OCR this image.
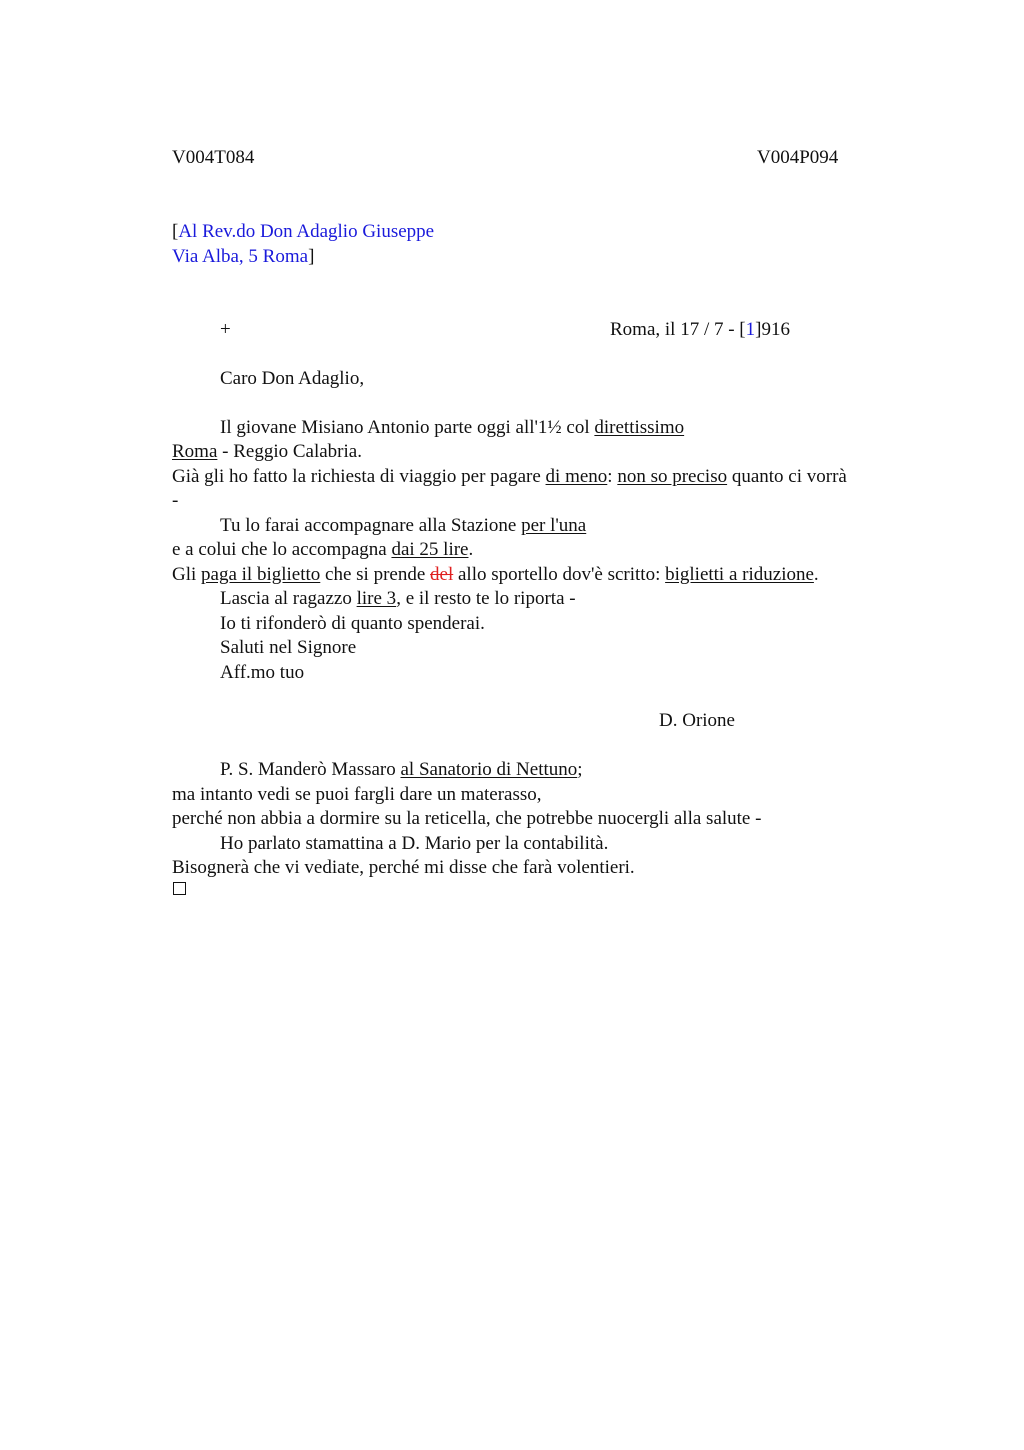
V004T084	V004P094
[Al Rev.do Don Adaglio Giuseppe
Via Alba, 5 Roma]
+	Roma, il 17 / 7 - [1]916
Caro Don Adaglio,
Il giovane Misiano Antonio parte oggi all'1½ col direttissimo
Roma - Reggio Calabria.
Già gli ho fatto la richiesta di viaggio per pagare di meno: non so preciso quanto ci vorrà
-
Tu lo farai accompagnare alla Stazione per l'una
e a colui che lo accompagna dai 25 lire.
Gli paga il biglietto che si prende del allo sportello dov'è scritto: biglietti a riduzione.
Lascia al ragazzo lire 3, e il resto te lo riporta -
Io ti rifonderò di quanto spenderai.
Saluti nel Signore
Aff.mo tuo
D. Orione
P. S. Manderò Massaro al Sanatorio di Nettuno;
ma intanto vedi se puoi fargli dare un materasso,
perché non abbia a dormire su la reticella, che potrebbe nuocergli alla salute -
Ho parlato stamattina a D. Mario per la contabilità.
Bisognerà che vi vediate, perché mi disse che farà volentieri.
